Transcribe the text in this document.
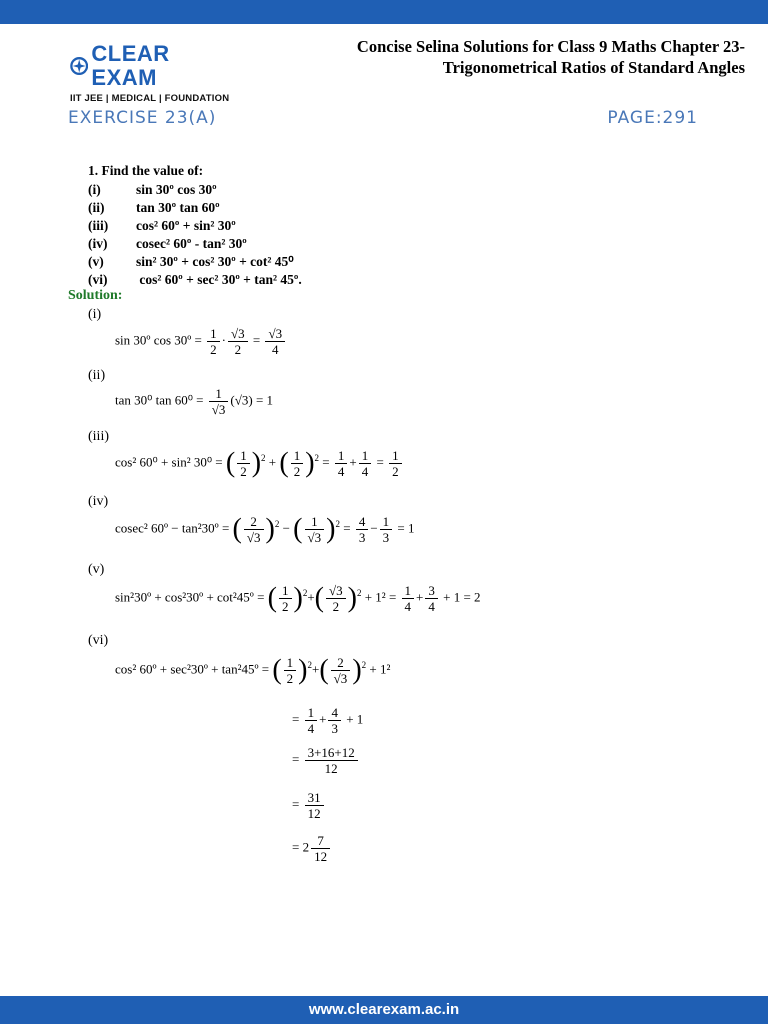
CLEAR EXAM
IIT JEE | MEDICAL | FOUNDATION
Concise Selina Solutions for Class 9 Maths Chapter 23-
Trigonometrical Ratios of Standard Angles
EXERCISE 23(A)	PAGE:291
1. Find the value of:
(i)	sin 30º cos 30º
(ii) tan 30º tan 60º
(iii) cos² 60º + sin² 30º
(iv) cosec² 60º - tan² 30º
(v) sin² 30º + cos² 30º + cot² 45⁰
(vi) cos² 60º + sec² 30º + tan² 45º.
Solution:
(i)
sin 30º cos 30º = $\frac{1}{2} \cdot \frac{√3}{2} = \frac{√3}{4}$
(ii)
tan 30⁰ $\tan 60^0 = \frac{1}{√3} (√3) = 1$
(iii)
cos² 60⁰ + sin² 30⁰ = ( $\frac{1}{2} )^2$ + ( $\frac{1}{2} )^2 = \frac{1}{4} + \frac{1}{4} = \frac{1}{2}$
(iv)
cosec² 60º − tan²30º = ( $\frac{2}{√3} )^2$ − ( $\frac{1}{√3} )^2 = \frac{4}{3} - \frac{1}{3} = 1$
(v)
sin²30º + cos²30º + cot²45º = ( $\frac{1}{2} )^2+( \frac{√3}{2} )^2 + 1^2 = \frac{1}{4} + \frac{3}{4} + 1 = 2$
(vi)
cos² 60º + sec²30º + tan²45º = ( $\frac{1}{2} )^2+( \frac{2}{√3} )^2 + 1^2$
= $\frac{1}{4} + \frac{4}{3} + 1$
= $\frac{3+16+12}{12}$
= $\frac{31}{12}$
= $2 \frac{7}{12}$
www.clearexam.ac.in
